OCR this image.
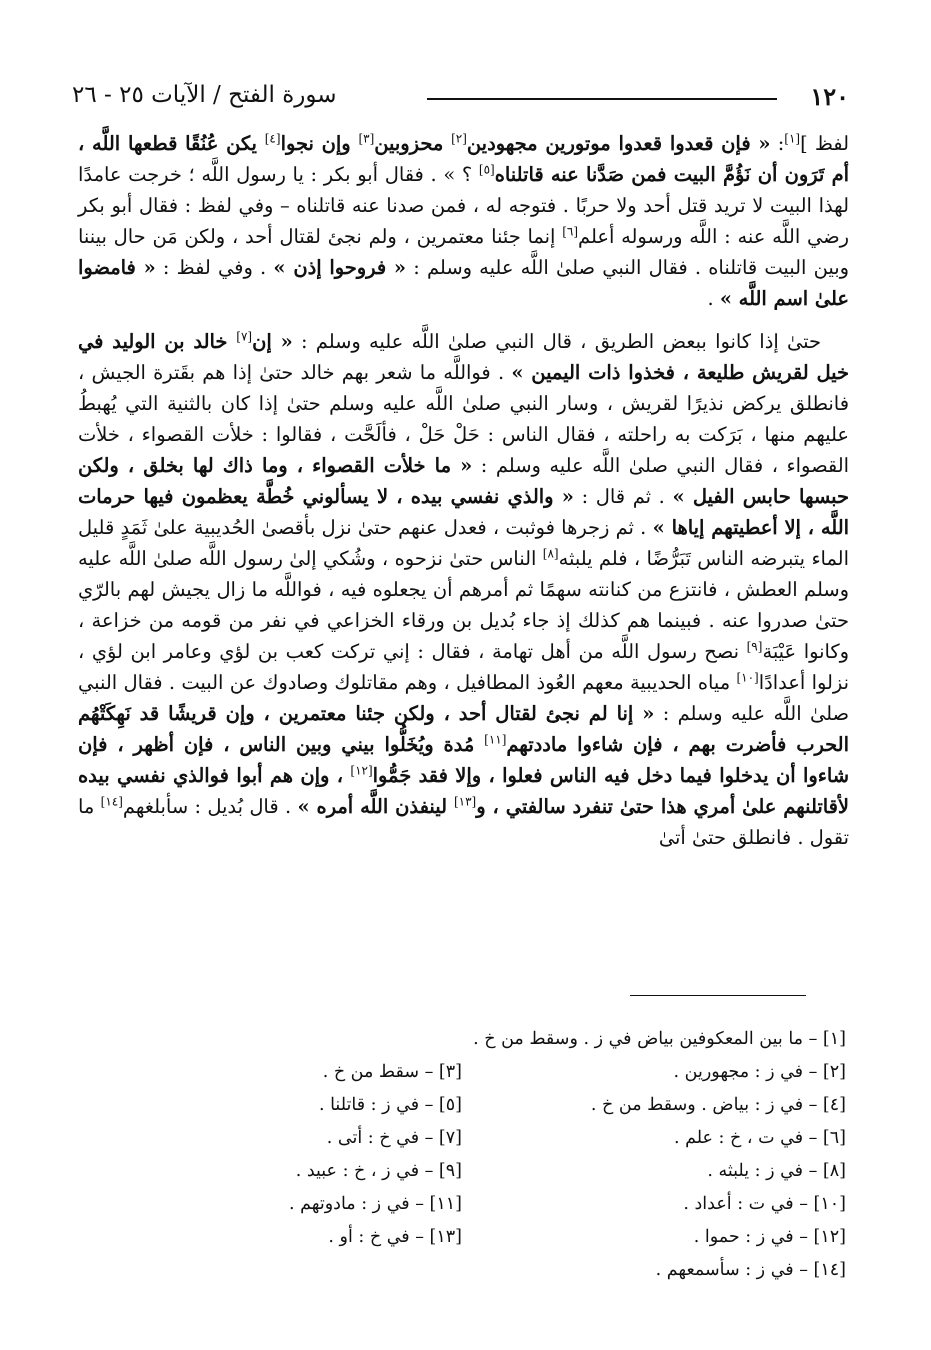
١٢٠
سورة الفتح / الآيات ٢٥ - ٢٦

لفظ ][١]: « فإن قعدوا قعدوا موتورين مجهودين[٢] محزوبين[٣] وإن نجوا[٤] يكن عُنُقًا قطعها اللَّه ، أم تَرَون أن نَؤُمَّ البيت فمن صَدَّنا عنه قاتلناه[٥] ؟ » . فقال أبو بكر : يا رسول اللَّه ؛ خرجت عامدًا لهذا البيت لا تريد قتل أحد ولا حربًا . فتوجه له ، فمن صدنا عنه قاتلناه – وفي لفظ : فقال أبو بكر رضي اللَّه عنه : اللَّه ورسوله أعلم[٦] إنما جئنا معتمرين ، ولم نجئ لقتال أحد ، ولكن مَن حال بيننا وبين البيت قاتلناه . فقال النبي صلىٰ اللَّه عليه وسلم : « فروحوا إذن » . وفي لفظ : « فامضوا علىٰ اسم اللَّه » .

حتىٰ إذا كانوا ببعض الطريق ، قال النبي صلىٰ اللَّه عليه وسلم : « إن[٧] خالد بن الوليد في خيل لقريش طليعة ، فخذوا ذات اليمين » . فواللَّه ما شعر بهم خالد حتىٰ إذا هم بقَترة الجيش ، فانطلق يركض نذيرًا لقريش ، وسار النبي صلىٰ اللَّه عليه وسلم حتىٰ إذا كان بالثنية التي يُهبطُ عليهم منها ، بَرَكت به راحلته ، فقال الناس : حَلْ حَلْ ، فألَحَّت ، فقالوا : خلأت القصواء ، خلأت القصواء ، فقال النبي صلىٰ اللَّه عليه وسلم : « ما خلأت القصواء ، وما ذاك لها بخلق ، ولكن حبسها حابس الفيل » . ثم قال : « والذي نفسي بيده ، لا يسألوني خُطَّة يعظمون فيها حرمات اللَّه ، إلا أعطيتهم إياها » . ثم زجرها فوثبت ، فعدل عنهم حتىٰ نزل بأقصىٰ الحُديبية علىٰ ثَمَدٍ قليل الماء يتبرضه الناس تَبَرُّضًا ، فلم يلبثه[٨] الناس حتىٰ نزحوه ، وشُكي إلىٰ رسول اللَّه صلىٰ اللَّه عليه وسلم العطش ، فانتزع من كنانته سهمًا ثم أمرهم أن يجعلوه فيه ، فواللَّه ما زال يجيش لهم بالرّي حتىٰ صدروا عنه . فبينما هم كذلك إذ جاء بُديل بن ورقاء الخزاعي في نفر من قومه من خزاعة ، وكانوا عَيْبَة[٩] نصح رسول اللَّه من أهل تهامة ، فقال : إني تركت كعب بن لؤي وعامر ابن لؤي ، نزلوا أعدادًا[١٠] مياه الحديبية معهم العُوذ المطافيل ، وهم مقاتلوك وصادوك عن البيت . فقال النبي صلىٰ اللَّه عليه وسلم : « إنا لم نجئ لقتال أحد ، ولكن جئنا معتمرين ، وإن قريشًا قد نَهِكَتْهُم الحرب فأضرت بهم ، فإن شاءوا ماددتهم[١١] مُدة ويُخَلُّوا بيني وبين الناس ، فإن أظهر ، فإن شاءوا أن يدخلوا فيما دخل فيه الناس فعلوا ، وإلا فقد جَمُّوا[١٢] ، وإن هم أبوا فوالذي نفسي بيده لأقاتلنهم علىٰ أمري هذا حتىٰ تنفرد سالفتي ، و[١٣] لينفذن اللَّه أمره » . قال بُديل : سأبلغهم[١٤] ما تقول . فانطلق حتىٰ أتىٰ

[١] – ما بين المعكوفين بياض في ز . وسقط من خ .
[٢] – في ز : مجهورين .
[٣] – سقط من خ .
[٤] – في ز : بياض . وسقط من خ .
[٥] – في ز : قاتلنا .
[٦] – في ت ، خ : علم .
[٧] – في خ : أتى .
[٨] – في ز : يلبثه .
[٩] – في ز ، خ : عبيد .
[١٠] – في ت : أعداد .
[١١] – في ز : مادوتهم .
[١٢] – في ز : حموا .
[١٣] – في خ : أو .
[١٤] – في ز : سأسمعهم .
